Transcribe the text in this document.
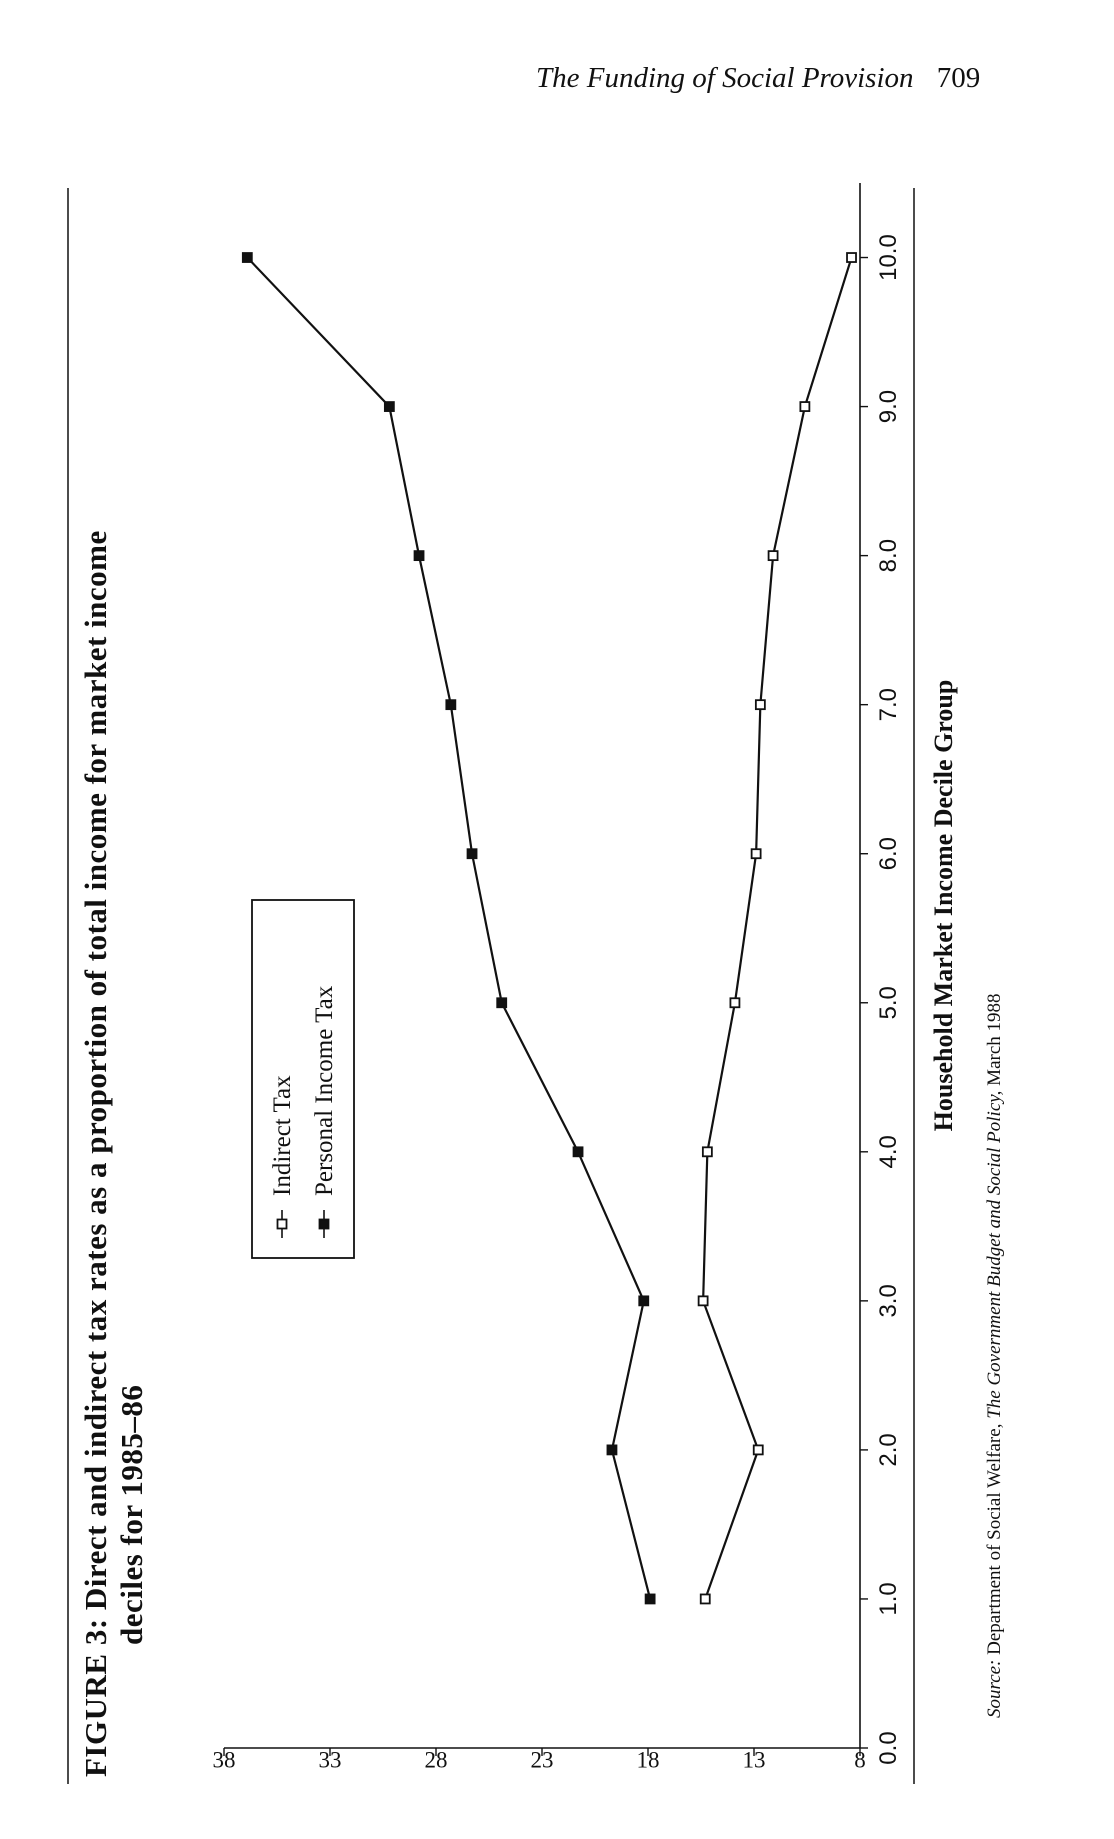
The Funding of Social Provision 709
FIGURE 3: Direct and indirect tax rates as a proportion of total income for market income deciles for 1985–86
0.0
1.0
2.0
3.0
4.0
5.0
6.0
7.0
8.0
9.0
10.0
8
13
18
23
28
33
38
Indirect Tax Personal Income Tax	Household Market Income Decile Group
Source: Department of Social Welfare, The Government Budget and Social Policy, March 1988
